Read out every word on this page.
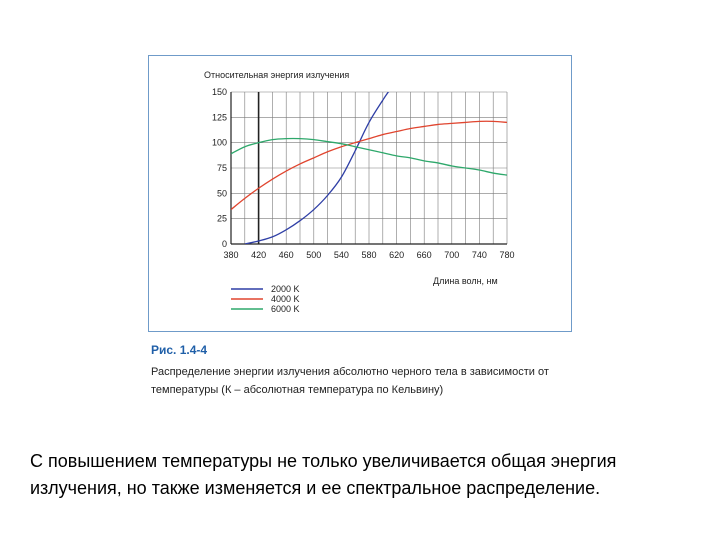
Относительная энергия излучения
0
25
50
75
100
125
150
380 420 460 500 540 580 620 660 700 740 780
Длина волн, нм
2000 K
4000 K
6000 K
Рис. 1.4-4
Распределение энергии излучения абсолютно черного тела в зависимости от температуры (К – абсолютная температура по Кельвину)
С повышением температуры не только увеличивается общая энергия излучения, но также изменяется и ее спектральное распределение.
